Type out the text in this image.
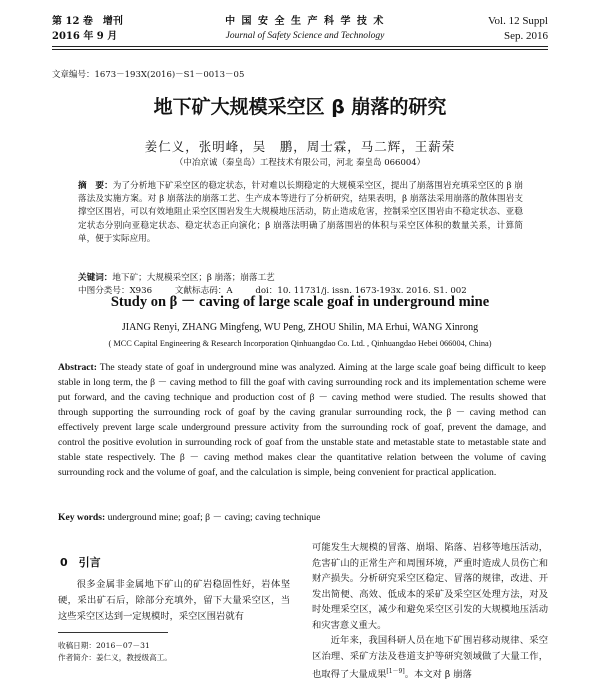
第 12 卷　增刊
2016 年 9 月
中 国 安 全 生 产 科 学 技 术
Journal of Safety Science and Technology
Vol. 12 Suppl
Sep. 2016
文章编号：1673－193X(2016)－S1－0013－05
地下矿大规模采空区 β 崩落的研究
姜仁义，张明峰，吴　鹏，周士霖，马二辉，王薪荣
（中冶京诚（秦皇岛）工程技术有限公司，河北 秦皇岛 066004）
摘　要：为了分析地下矿采空区的稳定状态，针对难以长期稳定的大规模采空区，提出了崩落围岩充填采空区的 β 崩落法及实施方案。对 β 崩落法的崩落工艺、生产成本等进行了分析研究，结果表明，β 崩落法采用崩落的散体围岩支撑空区围岩，可以有效地阻止采空区围岩发生大规模地压活动，防止造成危害，控制采空区围岩由不稳定状态、亚稳定状态分别向亚稳定状态、稳定状态正向演化；β 崩落法明确了崩落围岩的体积与采空区体积的数量关系，计算简单，便于实际应用。
关键词：地下矿；大规模采空区；β 崩落；崩落工艺
中图分类号：X936	文献标志码：A	doi：10. 11731/j. issn. 1673-193x. 2016. S1. 002
Study on β － caving of large scale goaf in underground mine
JIANG Renyi, ZHANG Mingfeng, WU Peng, ZHOU Shilin, MA Erhui, WANG Xinrong
( MCC Capital Engineering & Research Incorporation Qinhuangdao Co. Ltd. , Qinhuangdao Hebei 066004, China)
Abstract: The steady state of goaf in underground mine was analyzed. Aiming at the large scale goaf being difficult to keep stable in long term, the β － caving method to fill the goaf with caving surrounding rock and its implementation scheme were put forward, and the caving technique and production cost of β － caving method were studied. The results showed that through supporting the surrounding rock of goaf by the caving granular surrounding rock, the β － caving method can effectively prevent large scale underground pressure activity from the surrounding rock of goaf, prevent the damage, and control the positive evolution in surrounding rock of goaf from the unstable state and metastable state to metastable state and stable state respectively. The β － caving method makes clear the quantitative relation between the volume of caving surrounding rock and the volume of goaf, and the calculation is simple, being convenient for practical application.
Key words: underground mine; goaf; β － caving; caving technique
0　引言
很多金属非金属地下矿山的矿岩稳固性好，岩体坚硬，采出矿石后，除部分充填外，留下大量采空区，当这些采空区达到一定规模时，采空区围岩就有
收稿日期：2016－07－31
作者简介：姜仁义，教授级高工。

可能发生大规模的冒落、崩塌、陷落、岩移等地压活动，危害矿山的正常生产和周围环境，严重时造成人员伤亡和财产损失。分析研究采空区稳定、冒落的规律，改进、开发出简便、高效、低成本的采矿及采空区处理方法，对及时处理采空区，减少和避免采空区引发的大规模地压活动和灾害意义重大。

近年来，我国科研人员在地下矿围岩移动规律、采空区治理、采矿方法及巷道支护等研究领域做了大量工作，也取得了大量成果[1－9]。本文对 β 崩落
